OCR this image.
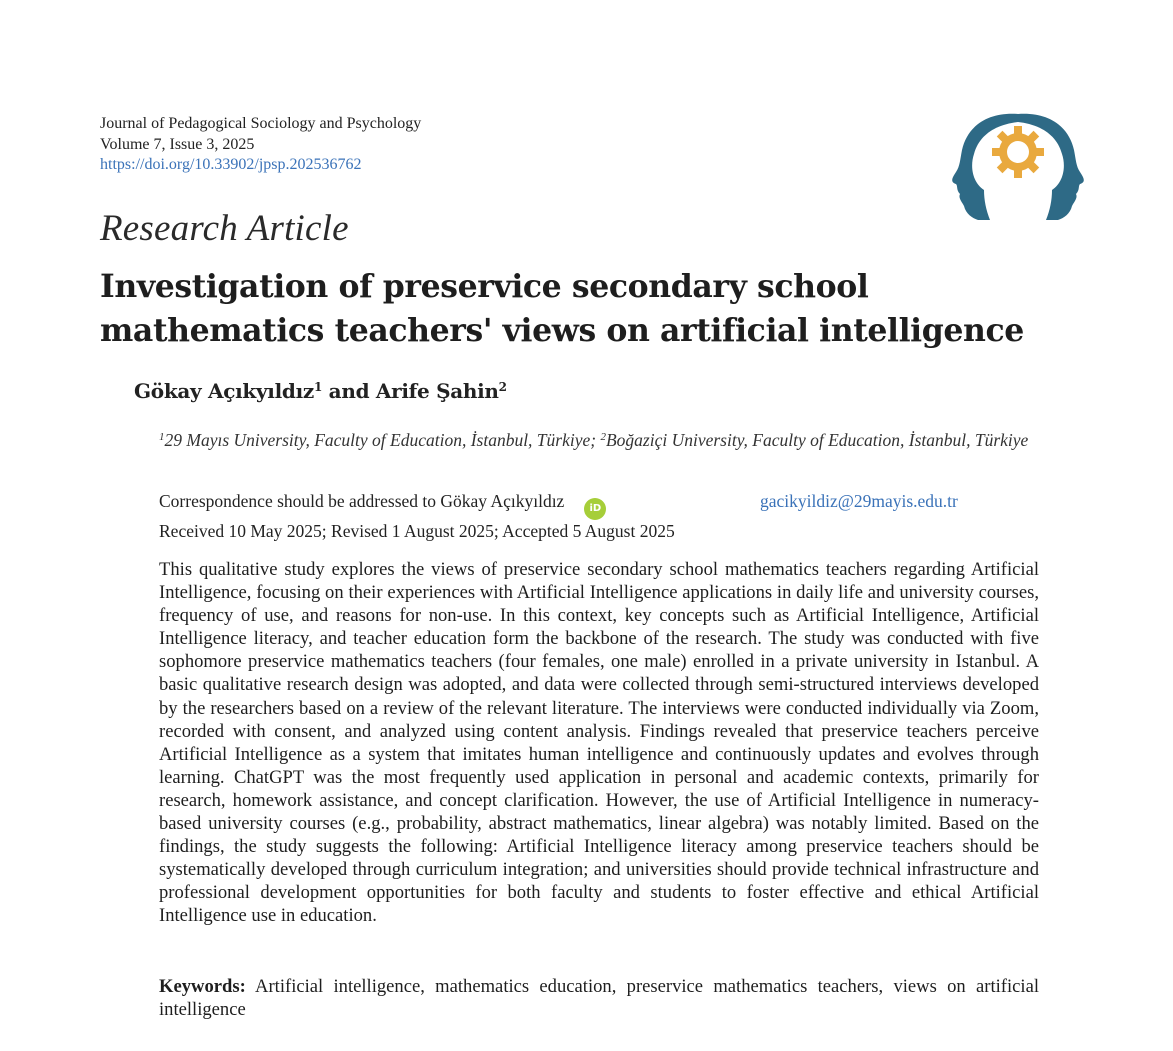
Journal of Pedagogical Sociology and Psychology
Volume 7, Issue 3, 2025
https://doi.org/10.33902/jpsp.202536762
Research Article
Investigation of preservice secondary school
mathematics teachers' views on artificial intelligence
Gökay Açıkyıldız$^1$ and Arife Şahin$^2$
$^1$29 Mayıs University, Faculty of Education, İstanbul, Türkiye; $^2$Boğaziçi University, Faculty of Education, İstanbul, Türkiye
Correspondence should be addressed to Gökay Açıkyıldız	iD	gacikyildiz@29mayis.edu.tr
Received 10 May 2025; Revised 1 August 2025; Accepted 5 August 2025
This qualitative study explores the views of preservice secondary school mathematics teachers regarding Artificial Intelligence, focusing on their experiences with Artificial Intelligence applications in daily life and university courses, frequency of use, and reasons for non-use. In this context, key concepts such as Artificial Intelligence, Artificial Intelligence literacy, and teacher education form the backbone of the research. The study was conducted with five sophomore preservice mathematics teachers (four females, one male) enrolled in a private university in Istanbul. A basic qualitative research design was adopted, and data were collected through semi-structured interviews developed by the researchers based on a review of the relevant literature. The interviews were conducted individually via Zoom, recorded with consent, and analyzed using content analysis. Findings revealed that preservice teachers perceive Artificial Intelligence as a system that imitates human intelligence and continuously updates and evolves through learning. ChatGPT was the most frequently used application in personal and academic contexts, primarily for research, homework assistance, and concept clarification. However, the use of Artificial Intelligence in numeracy-based university courses (e.g., probability, abstract mathematics, linear algebra) was notably limited. Based on the findings, the study suggests the following: Artificial Intelligence literacy among preservice teachers should be systematically developed through curriculum integration; and universities should provide technical infrastructure and professional development opportunities for both faculty and students to foster effective and ethical Artificial Intelligence use in education.
Keywords: Artificial intelligence, mathematics education, preservice mathematics teachers, views on artificial intelligence
